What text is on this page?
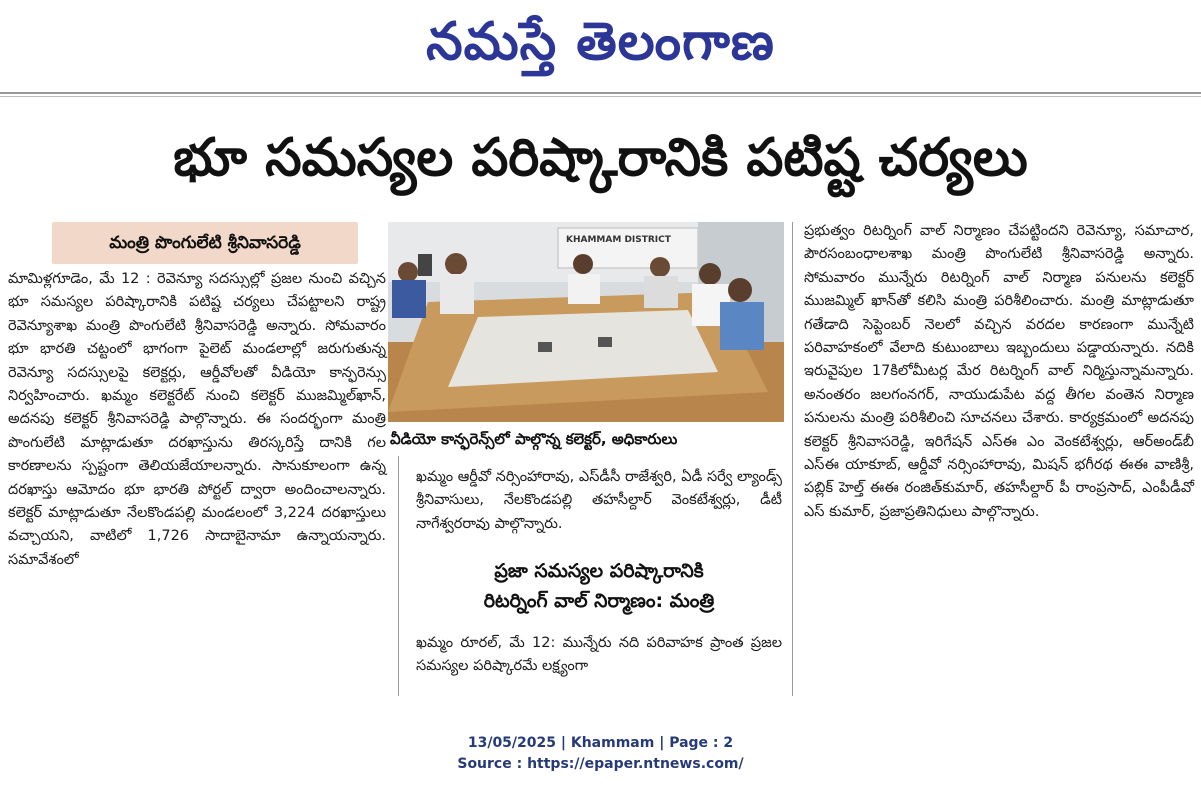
నమస్తే తెలంగాణ
భూ సమస్యల పరిష్కారానికి పటిష్ట చర్యలు
మంత్రి పొంగులేటి శ్రీనివాసరెడ్డి

మామిళ్లగూడెం, మే 12 : రెవెన్యూ సదస్సుల్లో ప్రజల నుంచి వచ్చిన భూ సమస్యల పరిష్కారానికి పటిష్ట చర్యలు చేపట్టాలని రాష్ట్ర రెవెన్యూశాఖ మంత్రి పొంగులేటి శ్రీనివాసరెడ్డి అన్నారు. సోమవారం భూ భారతి చట్టంలో భాగంగా పైలెట్‌ మండలాల్లో జరుగుతున్న రెవెన్యూ సదస్సులపై కలెక్టర్లు, ఆర్డీవోలతో వీడియో కాన్ఫరెన్సు నిర్వహించారు. ఖమ్మం కలెక్టరేట్‌ నుంచి కలెక్టర్‌ ముజమ్మిల్‌ఖాన్‌, అదనపు కలెక్టర్‌ శ్రీనివాసరెడ్డి పాల్గొన్నారు. ఈ సందర్భంగా మంత్రి పొంగులేటి మాట్లాడుతూ దరఖాస్తును తిరస్కరిస్తే దానికి గల కారణాలను స్పష్టంగా తెలియజేయాలన్నారు. సానుకూలంగా ఉన్న దరఖాస్తు ఆమోదం భూ భారతి పోర్టల్‌ ద్వారా అందించాలన్నారు. కలెక్టర్‌ మాట్లాడుతూ నేలకొండపల్లి మండలంలో 3,224 దరఖాస్తులు వచ్చాయని, వాటిలో 1,726 సాదాబైనామా ఉన్నాయన్నారు. సమావేశంలో

KHAMMAM DISTRICT
వీడియో కాన్ఫరెన్స్‌లో పాల్గొన్న కలెక్టర్‌, అధికారులు

ఖమ్మం ఆర్డీవో నర్సింహారావు, ఎస్‌డీసీ రాజేశ్వరి, ఏడీ సర్వే ల్యాండ్స్‌ శ్రీనివాసులు, నేలకొండపల్లి తహసీల్దార్‌ వెంకటేశ్వర్లు, డీటీ నాగేశ్వరరావు పాల్గొన్నారు.

ప్రజా సమస్యల పరిష్కారానికి
రిటర్నింగ్‌ వాల్‌ నిర్మాణం: మంత్రి

ఖమ్మం రూరల్‌, మే 12: మున్నేరు నది పరివాహక ప్రాంత ప్రజల సమస్యల పరిష్కారమే లక్ష్యంగా

ప్రభుత్వం రిటర్నింగ్‌ వాల్‌ నిర్మాణం చేపట్టిందని రెవెన్యూ, సమాచార, పౌరసంబంధాలశాఖ మంత్రి పొంగులేటి శ్రీనివాసరెడ్డి అన్నారు. సోమవారం మున్నేరు రిటర్నింగ్‌ వాల్‌ నిర్మాణ పనులను కలెక్టర్‌ ముజమ్మిల్‌ ఖాన్‌తో కలిసి మంత్రి పరిశీలించారు. మంత్రి మాట్లాడుతూ గతేడాది సెప్టెంబర్‌ నెలలో వచ్చిన వరదల కారణంగా మున్నేటి పరివాహకంలో వేలాది కుటుంబాలు ఇబ్బందులు పడ్డాయన్నారు. నదికి ఇరువైపుల 17కిలోమీటర్ల మేర రిటర్నింగ్‌ వాల్‌ నిర్మిస్తున్నామన్నారు. అనంతరం జలగంనగర్‌, నాయుడుపేట వద్ద తీగల వంతెన నిర్మాణ పనులను మంత్రి పరిశీలించి సూచనలు చేశారు. కార్యక్రమంలో అదనపు కలెక్టర్‌ శ్రీనివాసరెడ్డి, ఇరిగేషన్‌ ఎస్‌ఈ ఎం వెంకటేశ్వర్లు, ఆర్‌అండ్‌బీ ఎస్‌ఈ యాకూబ్‌, ఆర్డీవో నర్సింహారావు, మిషన్‌ భగీరథ ఈఈ వాణిశ్రీ, పబ్లిక్‌ హెల్త్‌ ఈఈ రంజిత్‌కుమార్‌, తహసీల్దార్‌ పీ రాంప్రసాద్‌, ఎంపీడీవో ఎస్‌ కుమార్‌, ప్రజాప్రతినిధులు పాల్గొన్నారు.

13/05/2025 | Khammam | Page : 2
Source : https://epaper.ntnews.com/
